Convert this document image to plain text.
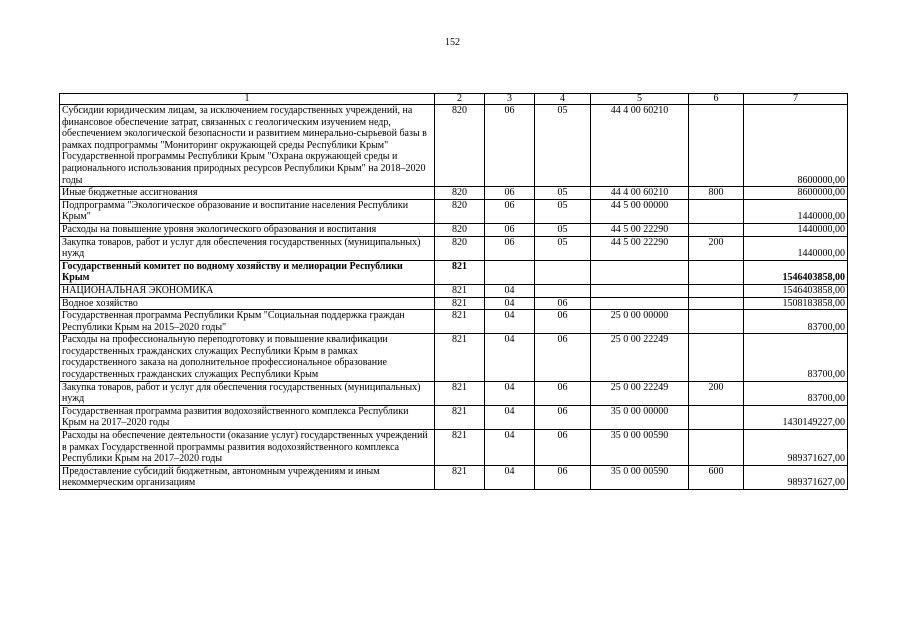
152
1	2	3	4	5	6	7
Субсидии юридическим лицам, за исключением государственных учреждений, на финансовое обеспечение затрат, связанных с геологическим изучением недр, обеспечением экологической безопасности и развитием минерально-сырьевой базы в рамках подпрограммы "Мониторинг окружающей среды Республики Крым" Государственной программы Республики Крым "Охрана окружающей среды и рационального использования природных ресурсов Республики Крым" на 2018–2020 годы	820	06	05	44 4 00 60210		8600000,00
Иные бюджетные ассигнования	820	06	05	44 4 00 60210	800	8600000,00
Подпрограмма "Экологическое образование и воспитание населения Республики Крым"	820	06	05	44 5 00 00000		1440000,00
Расходы на повышение уровня экологического образования и воспитания	820	06	05	44 5 00 22290		1440000,00
Закупка товаров, работ и услуг для обеспечения государственных (муниципальных) нужд	820	06	05	44 5 00 22290	200	1440000,00
Государственный комитет по водному хозяйству и мелиорации Республики Крым	821					1546403858,00
НАЦИОНАЛЬНАЯ ЭКОНОМИКА	821	04				1546403858,00
Водное хозяйство	821	04	06			1508183858,00
Государственная программа Республики Крым "Социальная поддержка граждан Республики Крым на 2015–2020 годы"	821	04	06	25 0 00 00000		83700,00
Расходы на профессиональную переподготовку и повышение квалификации государственных гражданских служащих Республики Крым в рамках государственного заказа на дополнительное профессиональное образование государственных гражданских служащих Республики Крым	821	04	06	25 0 00 22249		83700,00
Закупка товаров, работ и услуг для обеспечения государственных (муниципальных) нужд	821	04	06	25 0 00 22249	200	83700,00
Государственная программа развития водохозяйственного комплекса Республики Крым на 2017–2020 годы	821	04	06	35 0 00 00000		1430149227,00
Расходы на обеспечение деятельности (оказание услуг) государственных учреждений в рамках Государственной программы развития водохозяйственного комплекса Республики Крым на 2017–2020 годы	821	04	06	35 0 00 00590		989371627,00
Предоставление субсидий бюджетным, автономным учреждениям и иным некоммерческим организациям	821	04	06	35 0 00 00590	600	989371627,00
